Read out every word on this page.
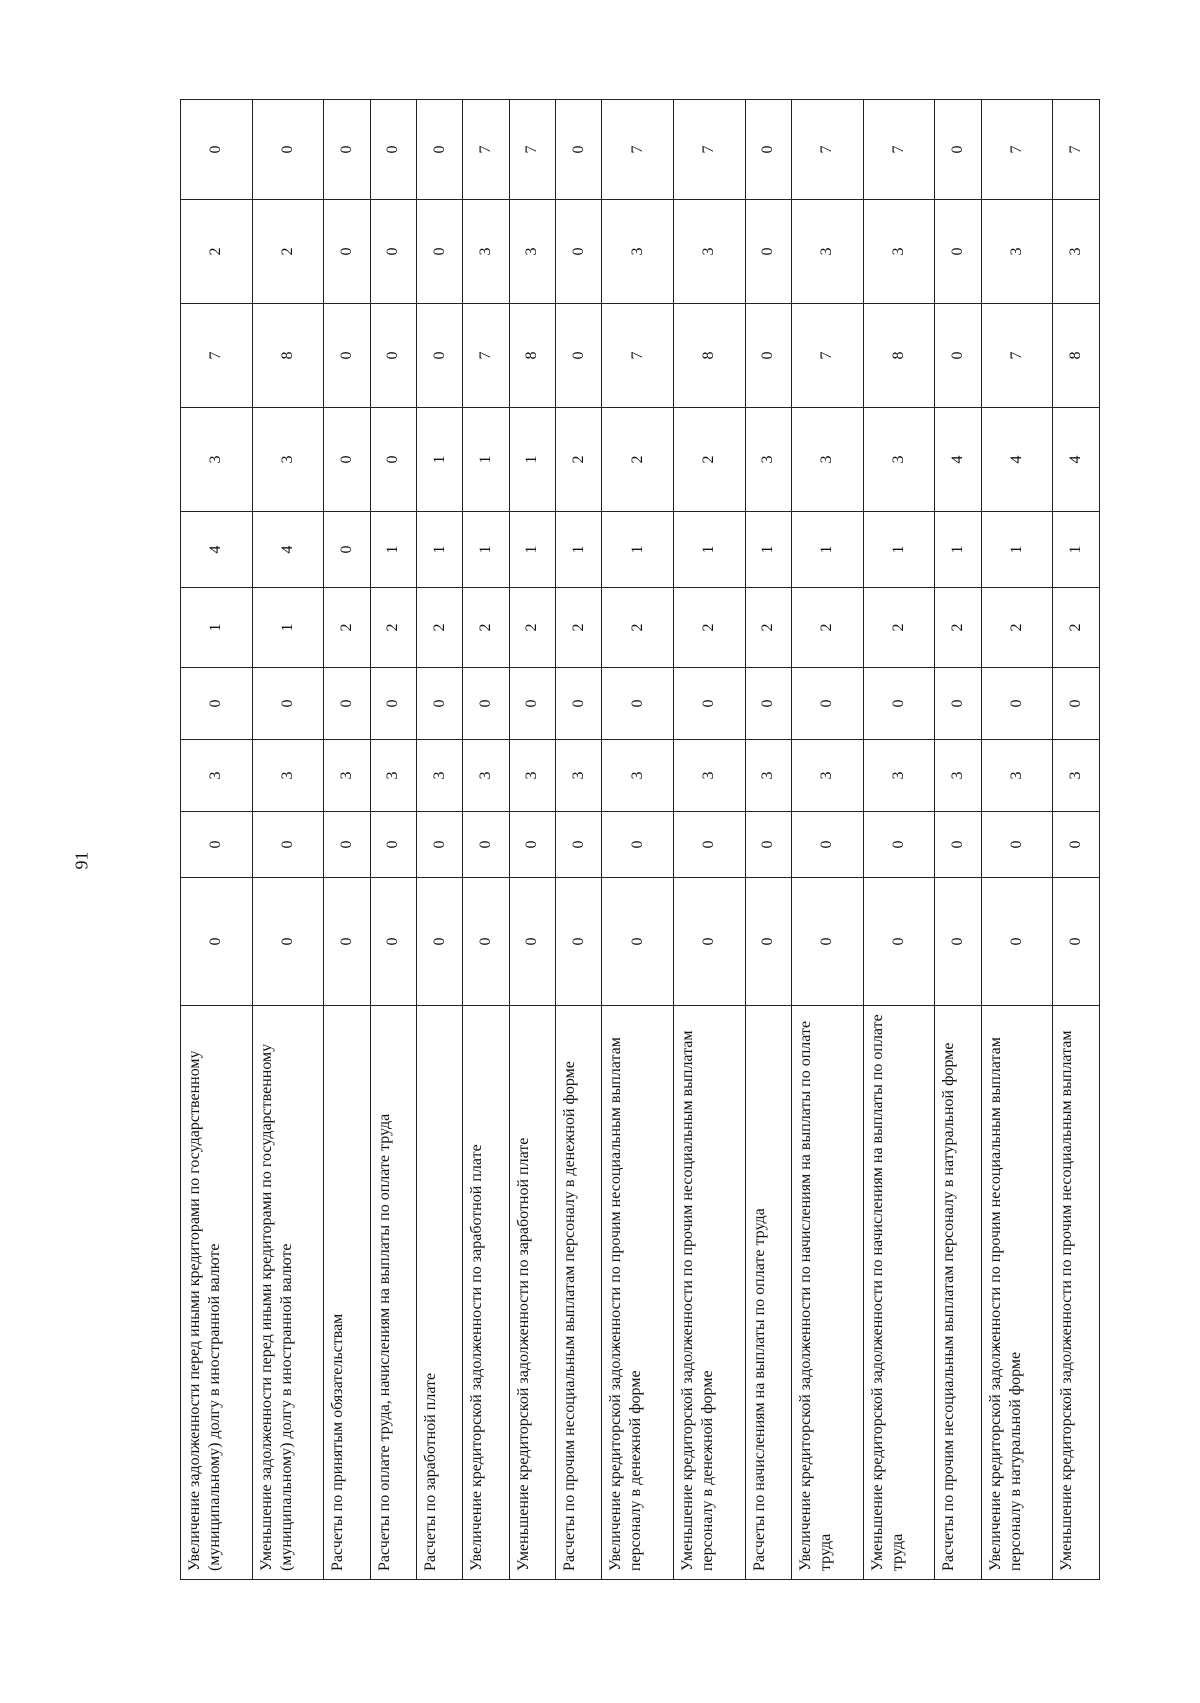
91
Увеличение задолженности перед иными кредиторами по государственному (муниципальному) долгу в иностранной валюте	0	0	3	0	1	4	3	7	2	0
Уменьшение задолженности перед иными кредиторами по государственному (муниципальному) долгу в иностранной валюте	0	0	3	0	1	4	3	8	2	0
Расчеты по принятым обязательствам	0	0	3	0	2	0	0	0	0	0
Расчеты по оплате труда, начислениям на выплаты по оплате труда	0	0	3	0	2	1	0	0	0	0
Расчеты по заработной плате	0	0	3	0	2	1	1	0	0	0
Увеличение кредиторской задолженности по заработной плате	0	0	3	0	2	1	1	7	3	7
Уменьшение кредиторской задолженности по заработной плате	0	0	3	0	2	1	1	8	3	7
Расчеты по прочим несоциальным выплатам персоналу в денежной форме	0	0	3	0	2	1	2	0	0	0
Увеличение кредиторской задолженности по прочим несоциальным выплатам персоналу в денежной форме	0	0	3	0	2	1	2	7	3	7
Уменьшение кредиторской задолженности по прочим несоциальным выплатам персоналу в денежной форме	0	0	3	0	2	1	2	8	3	7
Расчеты по начислениям на выплаты по оплате труда	0	0	3	0	2	1	3	0	0	0
Увеличение кредиторской задолженности по начислениям на выплаты по оплате труда	0	0	3	0	2	1	3	7	3	7
Уменьшение кредиторской задолженности по начислениям на выплаты по оплате труда	0	0	3	0	2	1	3	8	3	7
Расчеты по прочим несоциальным выплатам персоналу в натуральной форме	0	0	3	0	2	1	4	0	0	0
Увеличение кредиторской задолженности по прочим несоциальным выплатам персоналу в натуральной форме	0	0	3	0	2	1	4	7	3	7
Уменьшение кредиторской задолженности по прочим несоциальным выплатам	0	0	3	0	2	1	4	8	3	7
